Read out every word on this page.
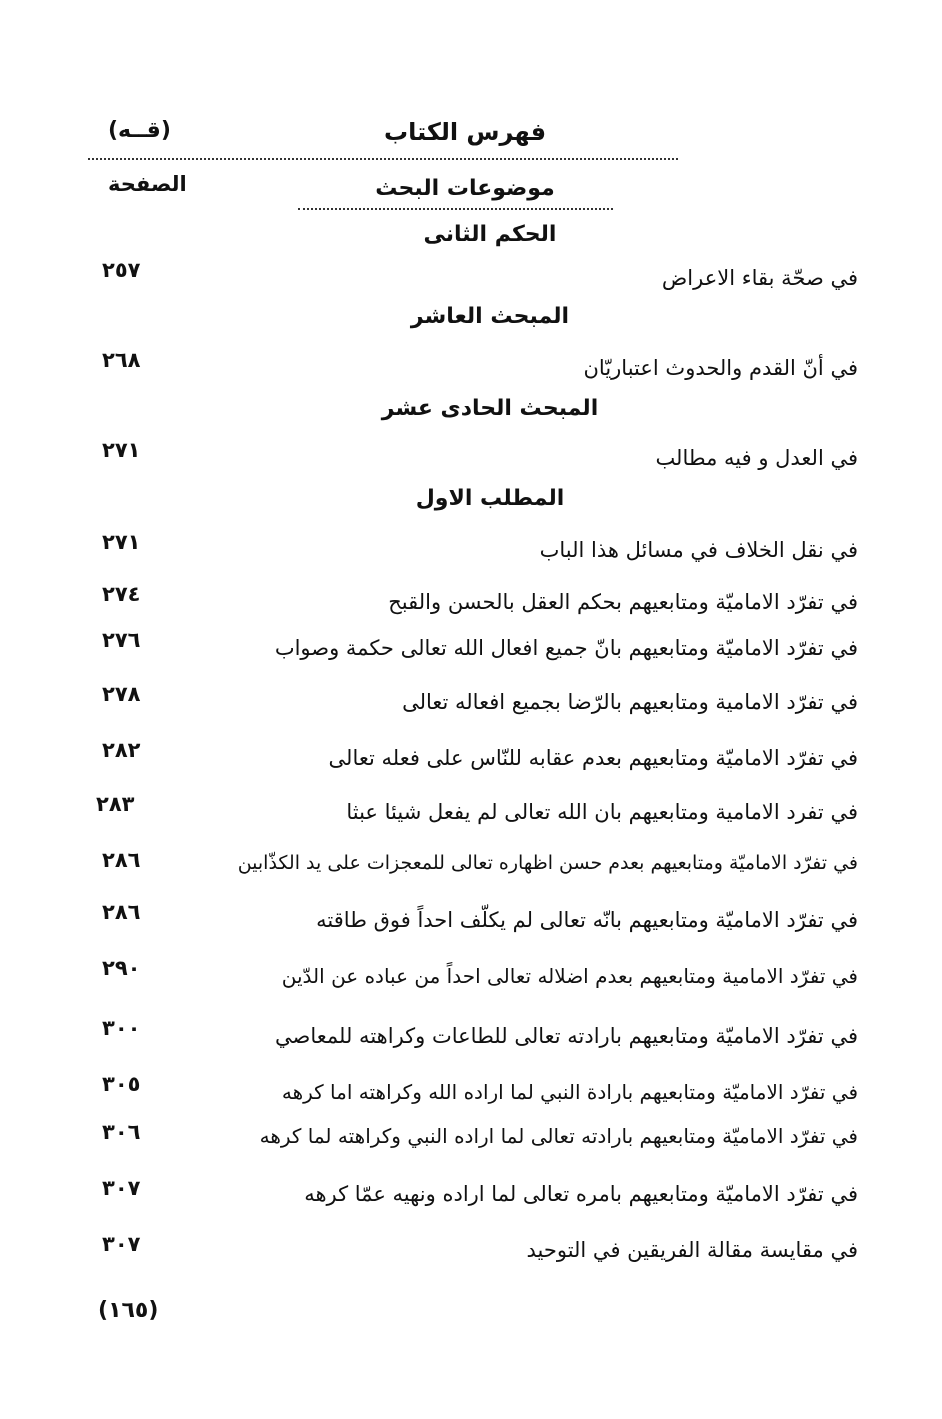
فهرس الكتاب
(قــه)
موضوعات البحث
الصفحة
الحكم الثانى
المبحث العاشر
المبحث الحادى عشر
المطلب الاول
في صحّة بقاء الاعراض
٢٥٧
في أنّ القدم والحدوث اعتباريّان
٢٦٨
في العدل و فيه مطالب
٢٧١
في نقل الخلاف في مسائل هذا الباب
٢٧١
في تفرّد الاماميّة ومتابعيهم بحكم العقل بالحسن والقبح
٢٧٤
في تفرّد الاماميّة ومتابعيهم بانّ جميع افعال الله تعالى حكمة وصواب
٢٧٦
في تفرّد الامامية ومتابعيهم بالرّضا بجميع افعاله تعالى
٢٧٨
في تفرّد الاماميّة ومتابعيهم بعدم عقابه للنّاس على فعله تعالى
٢٨٢
في تفرد الامامية ومتابعيهم بان الله تعالى لم يفعل شيئا عبثا
٢٨٣
في تفرّد الاماميّة ومتابعيهم بعدم حسن اظهاره تعالى للمعجزات على يد الكذّابين
٢٨٦
في تفرّد الاماميّة ومتابعيهم بانّه تعالى لم يكلّف احداً فوق طاقته
٢٨٦
في تفرّد الامامية ومتابعيهم بعدم اضلاله تعالى احداً من عباده عن الدّين
٢٩٠
في تفرّد الاماميّة ومتابعيهم بارادته تعالى للطاعات وكراهته للمعاصي
٣٠٠
في تفرّد الاماميّة ومتابعيهم بارادة النبي لما اراده الله وكراهته اما كرهه
٣٠٥
في تفرّد الاماميّة ومتابعيهم بارادته تعالى لما اراده النبي وكراهته لما كرهه
٣٠٦
في تفرّد الاماميّة ومتابعيهم بامره تعالى لما اراده ونهيه عمّا كرهه
٣٠٧
في مقايسة مقالة الفريقين في التوحيد
٣٠٧
(١٦٥)
